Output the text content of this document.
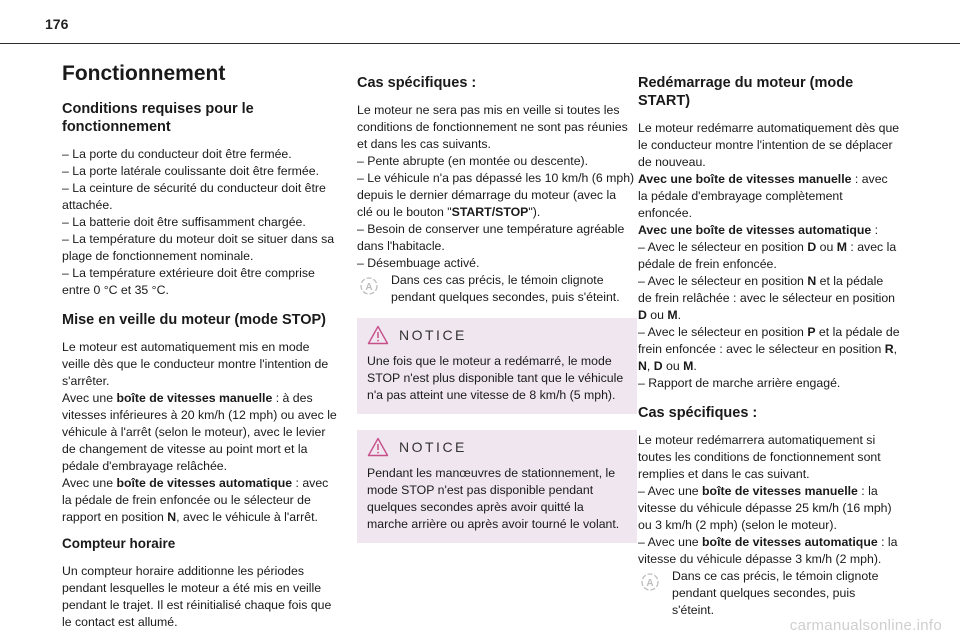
176
Fonctionnement
Conditions requises pour le fonctionnement
– La porte du conducteur doit être fermée.
– La porte latérale coulissante doit être fermée.
– La ceinture de sécurité du conducteur doit être attachée.
– La batterie doit être suffisamment chargée.
– La température du moteur doit se situer dans sa plage de fonctionnement nominale.
– La température extérieure doit être comprise entre 0 °C et 35 °C.
Mise en veille du moteur (mode STOP)

Le moteur est automatiquement mis en mode veille dès que le conducteur montre l'intention de s'arrêter.

Avec une boîte de vitesses manuelle : à des vitesses inférieures à 20 km/h (12 mph) ou avec le véhicule à l'arrêt (selon le moteur), avec le levier de changement de vitesse au point mort et la pédale d'embrayage relâchée.

Avec une boîte de vitesses automatique : avec la pédale de frein enfoncée ou le sélecteur de rapport en position N, avec le véhicule à l'arrêt.

Compteur horaire

Un compteur horaire additionne les périodes pendant lesquelles le moteur a été mis en veille pendant le trajet. Il est réinitialisé chaque fois que le contact est allumé.

Cas spécifiques :

Le moteur ne sera pas mis en veille si toutes les conditions de fonctionnement ne sont pas réunies et dans les cas suivants.

– Pente abrupte (en montée ou descente).
– Le véhicule n'a pas dépassé les 10 km/h (6 mph) depuis le dernier démarrage du moteur (avec la clé ou le bouton "START/STOP").
– Besoin de conserver une température agréable dans l'habitacle.
– Désembuage activé.
A
Dans ces cas précis, le témoin clignote pendant quelques secondes, puis s'éteint.
NOTICE

Une fois que le moteur a redémarré, le mode STOP n'est plus disponible tant que le véhicule n'a pas atteint une vitesse de 8 km/h (5 mph).

NOTICE

Pendant les manœuvres de stationnement, le mode STOP n'est pas disponible pendant quelques secondes après avoir quitté la marche arrière ou après avoir tourné le volant.

Redémarrage du moteur (mode START)

Le moteur redémarre automatiquement dès que le conducteur montre l'intention de se déplacer de nouveau.

Avec une boîte de vitesses manuelle : avec la pédale d'embrayage complètement enfoncée.

Avec une boîte de vitesses automatique :

– Avec le sélecteur en position D ou M : avec la pédale de frein enfoncée.
– Avec le sélecteur en position N et la pédale de frein relâchée : avec le sélecteur en position D ou M.
– Avec le sélecteur en position P et la pédale de frein enfoncée : avec le sélecteur en position R, N, D ou M.
– Rapport de marche arrière engagé.
Cas spécifiques :

Le moteur redémarrera automatiquement si toutes les conditions de fonctionnement sont remplies et dans le cas suivant.

– Avec une boîte de vitesses manuelle : la vitesse du véhicule dépasse 25 km/h (16 mph) ou 3 km/h (2 mph) (selon le moteur).
– Avec une boîte de vitesses automatique : la vitesse du véhicule dépasse 3 km/h (2 mph).
A
Dans ce cas précis, le témoin clignote pendant quelques secondes, puis s'éteint.
carmanualsonline.info
